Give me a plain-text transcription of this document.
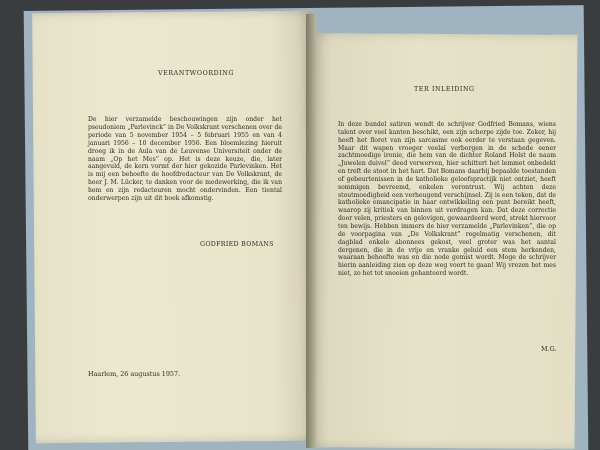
VERANTWOORDING
De hier verzamelde beschouwingen zijn onder het pseudoniem „Parlevinck” in De Volkskrant verschenen over de periode van 5 november 1954 – 5 februari 1955 en van 4 januari 1956 – 10 december 1956. Een bloemlezing hieruit droeg ik in de Aula van de Leuvense Universiteit onder de naam „Op het Mes” op. Het is deze keuze, die, later aangevuld, de kern vormt der hier gekozide Parlevinken. Het is mij een behoefte de hoofdredacteur van De Volkskrant, de heer J. M. Lücker, te danken voor de medewerking, die ik van hem en zijn redacteuren mocht ondervinden. Een tiental onderwerpen zijn uit dit boek afkomstig.
GODFRIED BOMANS
Haarlem, 26 augustus 1957.
TER INLEIDING
In deze bundel satiren wendt de schrijver Godfried Bomans, wiens talent over veel kanten beschikt, een zijn scherpe zijde toe. Zeker, hij heeft het floret van zijn sarcasme ook eerder te verstaan gegeven. Maar dit wapen vroeger veelal verborgen in de schede eener zachtmoedige ironie, die hem van de dichter Roland Holst de naam „Juwelen duivel” deed verwerven, hier schittert het lemmet onbedekt en treft de stoot in het hart. Dat Bomans daarbij bepaalde toestanden of gebeurtenissen in de katholieke geloofspractijk niet ontziet, heeft sommigen bevreemd, enkelen verontrust. Wij achten deze stoutmoedigheid een verheugend verschijnsel. Zij is een teken, dat de katholieke emancipatie in haar ontwikkeling een punt bereikt heeft, waarop zij kritiek van binnen uit verdragen kan. Dat deze correctie door velen, priesters en gelovigen, gewaardeerd werd, strekt hiervoor ten bewijs. Hebben immers de hier verzamelde „Parlevinken”, die op de voorpagina van „De Volkskrant” regelmatig verschenen, dit dagblad enkele abonnees gekost, veel groter was het aantal dergenen, die in de vrije en vranke geluid een stem herkenden, waaraan behoefte was en die node gemist wordt. Moge de schrijver hierin aanleiding zien op deze weg voort te gaan! Wij vrezen het mes niet, zo het tot snoeien gehanteerd wordt.
M.G.
